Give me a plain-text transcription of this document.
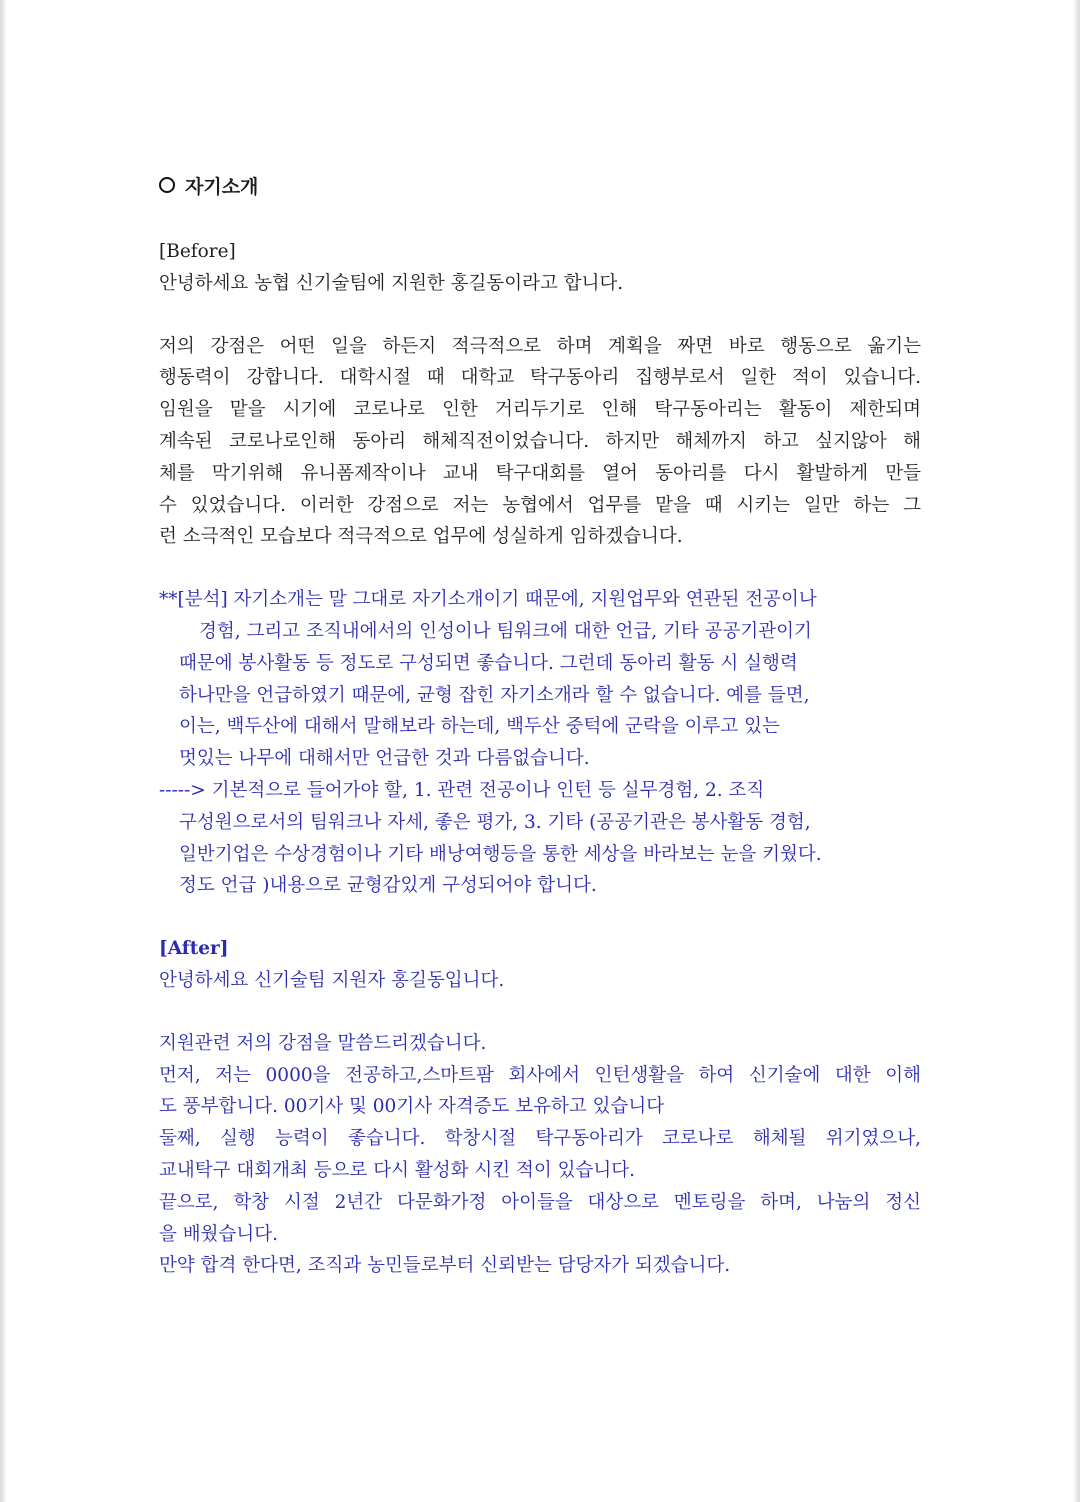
자기소개
[Before]
안녕하세요 농협 신기술팀에 지원한 홍길동이라고 합니다.
저의 강점은 어떤 일을 하든지 적극적으로 하며 계획을 짜면 바로 행동으로 옮기는
행동력이 강합니다. 대학시절 때 대학교 탁구동아리 집행부로서 일한 적이 있습니다.
임원을 맡을 시기에 코로나로 인한 거리두기로 인해 탁구동아리는 활동이 제한되며
계속된 코로나로인해 동아리 해체직전이었습니다. 하지만 해체까지 하고 싶지않아 해
체를 막기위해 유니폼제작이나 교내 탁구대회를 열어 동아리를 다시 활발하게 만들
수 있었습니다. 이러한 강점으로 저는 농협에서 업무를 맡을 때 시키는 일만 하는 그
런 소극적인 모습보다 적극적으로 업무에 성실하게 임하겠습니다.
**[분석] 자기소개는 말 그대로 자기소개이기 때문에, 지원업무와 연관된 전공이나
경험, 그리고 조직내에서의 인성이나 팀워크에 대한 언급, 기타 공공기관이기
때문에 봉사활동 등 정도로 구성되면 좋습니다. 그런데 동아리 활동 시 실행력
하나만을 언급하였기 때문에, 균형 잡힌 자기소개라 할 수 없습니다. 예를 들면,
이는, 백두산에 대해서 말해보라 하는데, 백두산 중턱에 군락을 이루고 있는
멋있는 나무에 대해서만 언급한 것과 다름없습니다.
-----> 기본적으로 들어가야 할, 1. 관련 전공이나 인턴 등 실무경험, 2. 조직
구성원으로서의 팀워크나 자세, 좋은 평가, 3. 기타 (공공기관은 봉사활동 경험,
일반기업은 수상경험이나 기타 배낭여행등을 통한 세상을 바라보는 눈을 키웠다.
정도 언급 )내용으로 균형감있게 구성되어야 합니다.
[After]
안녕하세요 신기술팀 지원자 홍길동입니다.
지원관련 저의 강점을 말씀드리겠습니다.
먼저, 저는 0000을 전공하고,스마트팜 회사에서 인턴생활을 하여 신기술에 대한 이해
도 풍부합니다. 00기사 및 00기사 자격증도 보유하고 있습니다
둘째, 실행 능력이 좋습니다. 학창시절 탁구동아리가 코로나로 해체될 위기였으나,
교내탁구 대회개최 등으로 다시 활성화 시킨 적이 있습니다.
끝으로, 학창 시절 2년간 다문화가정 아이들을 대상으로 멘토링을 하며, 나눔의 정신
을 배웠습니다.
만약 합격 한다면, 조직과 농민들로부터 신뢰받는 담당자가 되겠습니다.
